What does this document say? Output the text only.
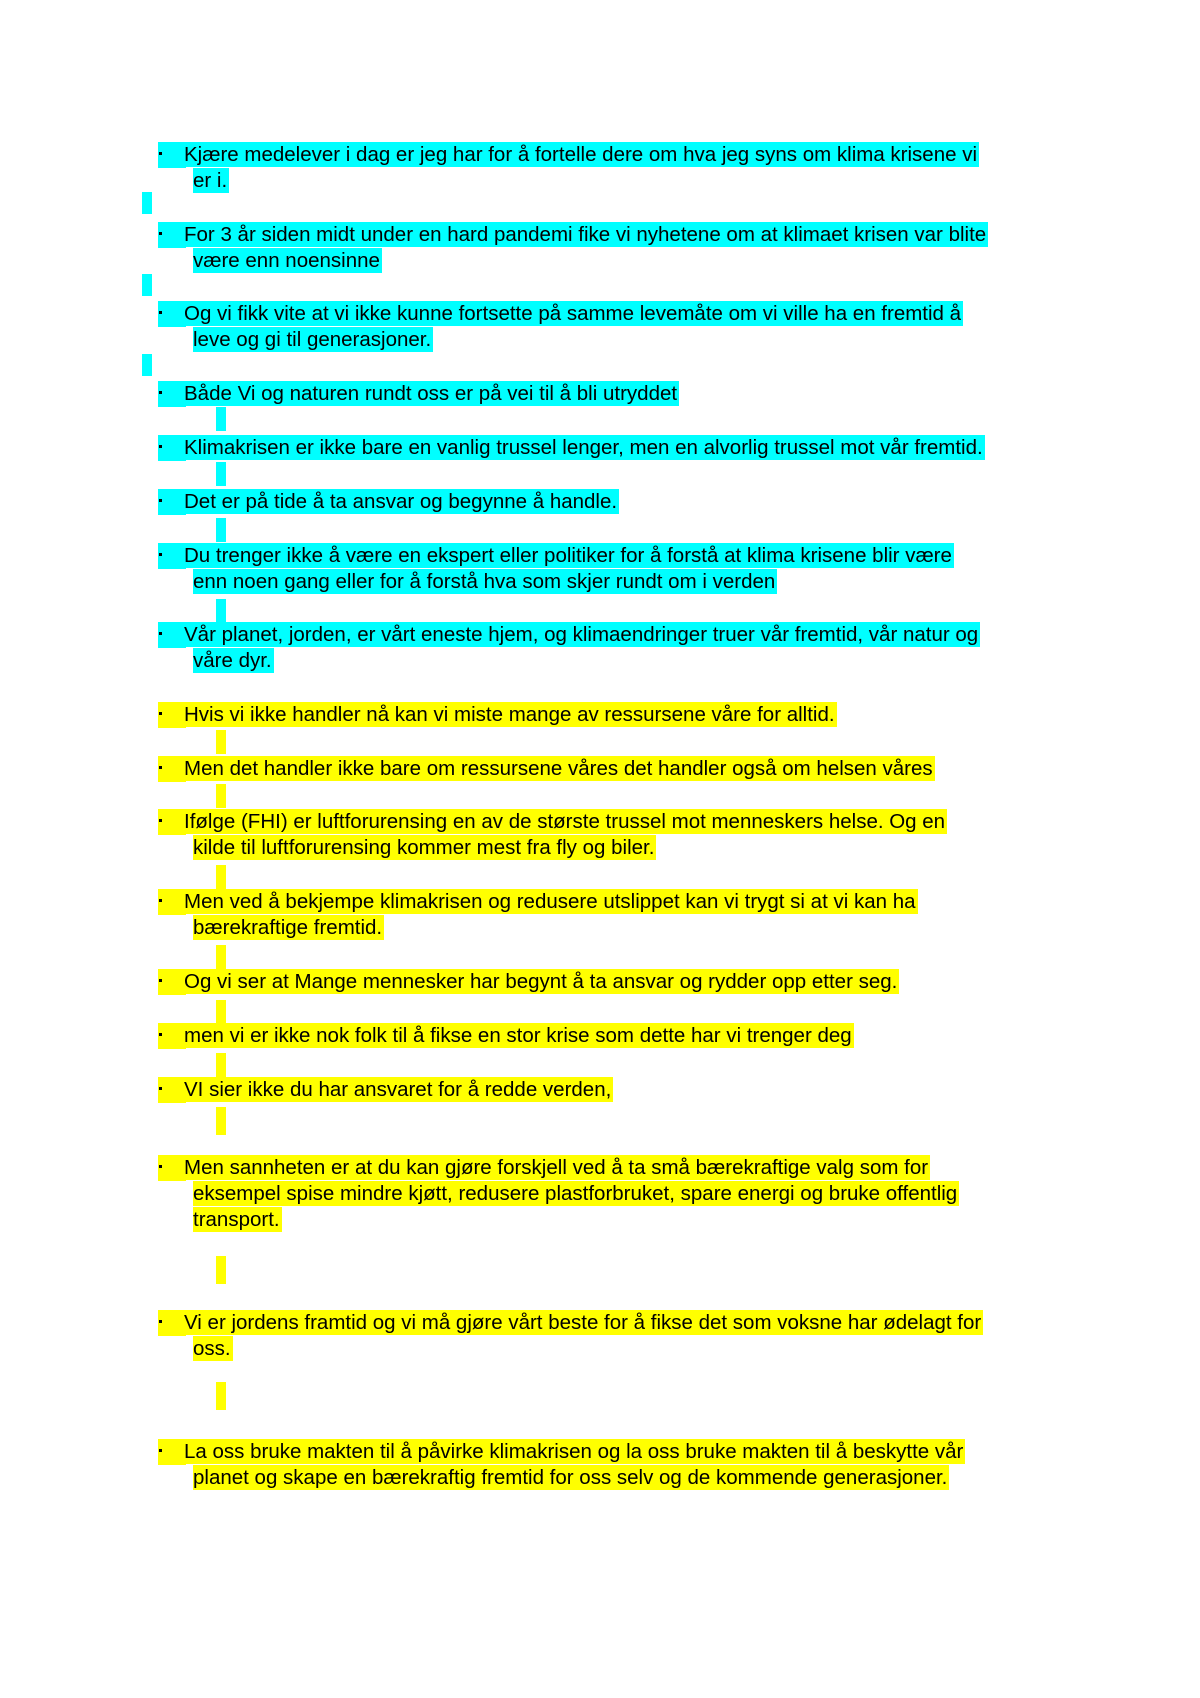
Kjære medelever i dag er jeg har for å fortelle dere om hva jeg syns om klima krisene vi
er i.
For 3 år siden midt under en hard pandemi fike vi nyhetene om at klimaet krisen var blite
være enn noensinne
Og vi fikk vite at vi ikke kunne fortsette på samme levemåte om vi ville ha en fremtid å
leve og gi til generasjoner.
Både Vi og naturen rundt oss er på vei til å bli utryddet
Klimakrisen er ikke bare en vanlig trussel lenger, men en alvorlig trussel mot vår fremtid.
Det er på tide å ta ansvar og begynne å handle.
Du trenger ikke å være en ekspert eller politiker for å forstå at klima krisene blir være
enn noen gang eller for å forstå hva som skjer rundt om i verden
Vår planet, jorden, er vårt eneste hjem, og klimaendringer truer vår fremtid, vår natur og
våre dyr.
Hvis vi ikke handler nå kan vi miste mange av ressursene våre for alltid.
Men det handler ikke bare om ressursene våres det handler også om helsen våres
Ifølge (FHI) er luftforurensing en av de største trussel mot menneskers helse. Og en
kilde til luftforurensing kommer mest fra fly og biler.
Men ved å bekjempe klimakrisen og redusere utslippet kan vi trygt si at vi kan ha
bærekraftige fremtid.
Og vi ser at Mange mennesker har begynt å ta ansvar og rydder opp etter seg.
men vi er ikke nok folk til å fikse en stor krise som dette har vi trenger deg
VI sier ikke du har ansvaret for å redde verden,
Men sannheten er at du kan gjøre forskjell ved å ta små bærekraftige valg som for
eksempel spise mindre kjøtt, redusere plastforbruket, spare energi og bruke offentlig
transport.
Vi er jordens framtid og vi må gjøre vårt beste for å fikse det som voksne har ødelagt for
oss.
La oss bruke makten til å påvirke klimakrisen og la oss bruke makten til å beskytte vår
planet og skape en bærekraftig fremtid for oss selv og de kommende generasjoner.
